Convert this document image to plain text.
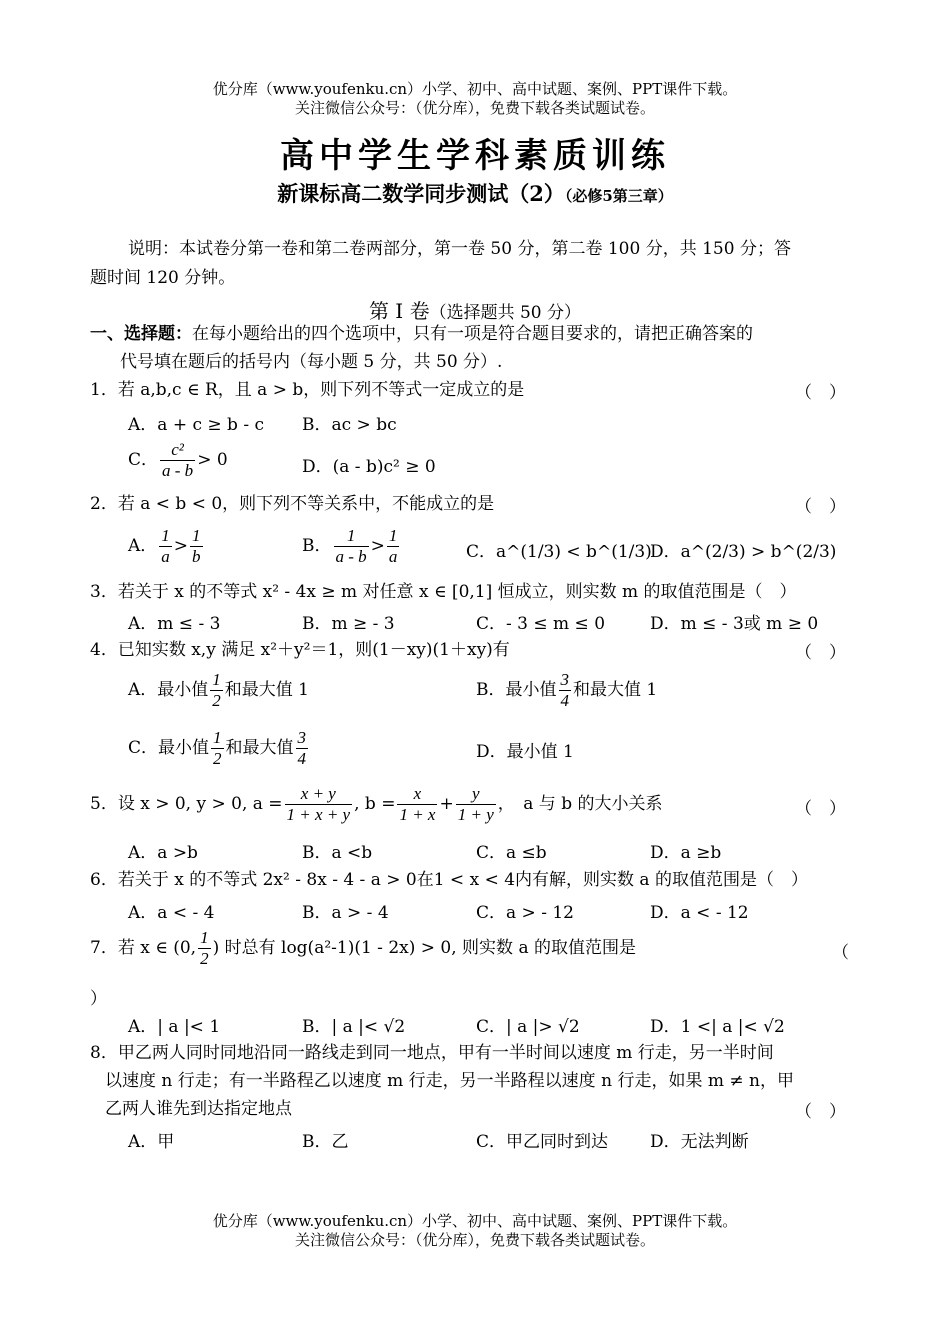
优分库（www.youfenku.cn）小学、初中、高中试题、案例、PPT课件下载。
关注微信公众号：（优分库），免费下载各类试题试卷。
高中学生学科素质训练
新课标高二数学同步测试（2）（必修5第三章）
说明：本试卷分第一卷和第二卷两部分，第一卷 50 分，第二卷 100 分，共 150 分；答
题时间 120 分钟。
第 I 卷（选择题共 50 分）
一、选择题：在每小题给出的四个选项中，只有一项是符合题目要求的，请把正确答案的
代号填在题后的括号内（每小题 5 分，共 50 分）.
1．若 a,b,c ∈ R，且 a > b，则下列不等式一定成立的是	（　）
A．a + c ≥ b - c B．ac > bc
C． $\frac{\text{c²}}{a - b} > 0$	D．(a - b)c² ≥ 0
2．若 a < b < 0，则下列不等关系中，不能成立的是	（　）
A． $\frac{1}{a} > \frac{1}{b}$	B． $\frac{1}{a - b} > \frac{1}{a}$	C．a^(1/3) < b^(1/3)
D．a^(2/3) > b^(2/3)
3．若关于 x 的不等式 x² - 4x ≥ m 对任意 x ∈ [0,1] 恒成立，则实数 m 的取值范围是（　）
A．m ≤ - 3	B．m ≥ - 3	C．- 3 ≤ m ≤ 0	D．m ≤ - 3或 m ≥ 0
4．已知实数 x,y 满足 x²＋y²＝1，则(1－xy)(1＋xy)有	（　）
A．最小值 $\frac{1}{2}$ 和最大值 1	B．最小值 $\frac{3}{4}$ 和最大值 1
C．最小值 $\frac{1}{2}$ 和最大值 $\frac{3}{4}$	D．最小值 1
5．设 x > 0, y > 0, $a = \frac{x + y}{1 + x + y}$ , $b = \frac{x}{1 + x} + \frac{y}{1 + y}$ ，　a 与 b 的大小关系	（　）
A．a >b	B．a <b	C．a ≤b	D．a ≥b
6．若关于 x 的不等式 2x² - 8x - 4 - a > 0在1 < x < 4内有解，则实数 a 的取值范围是（　）
A．a < - 4	B．a > - 4	C．a > - 12	D．a < - 12
7．若 x ∈ (0, $\frac{1}{2}$ ) 时总有 log(a²-1)(1 - 2x) > 0, 则实数 a 的取值范围是	（
）
A．| a |< 1	B．| a |< √2	C．| a |> √2	D．1 <| a |< √2
8．甲乙两人同时同地沿同一路线走到同一地点，甲有一半时间以速度 m 行走，另一半时间
以速度 n 行走；有一半路程乙以速度 m 行走，另一半路程以速度 n 行走，如果 m ≠ n，甲
乙两人谁先到达指定地点	（　）
A．甲	B．乙	C．甲乙同时到达 D．无法判断
优分库（www.youfenku.cn）小学、初中、高中试题、案例、PPT课件下载。
关注微信公众号：（优分库），免费下载各类试题试卷。
